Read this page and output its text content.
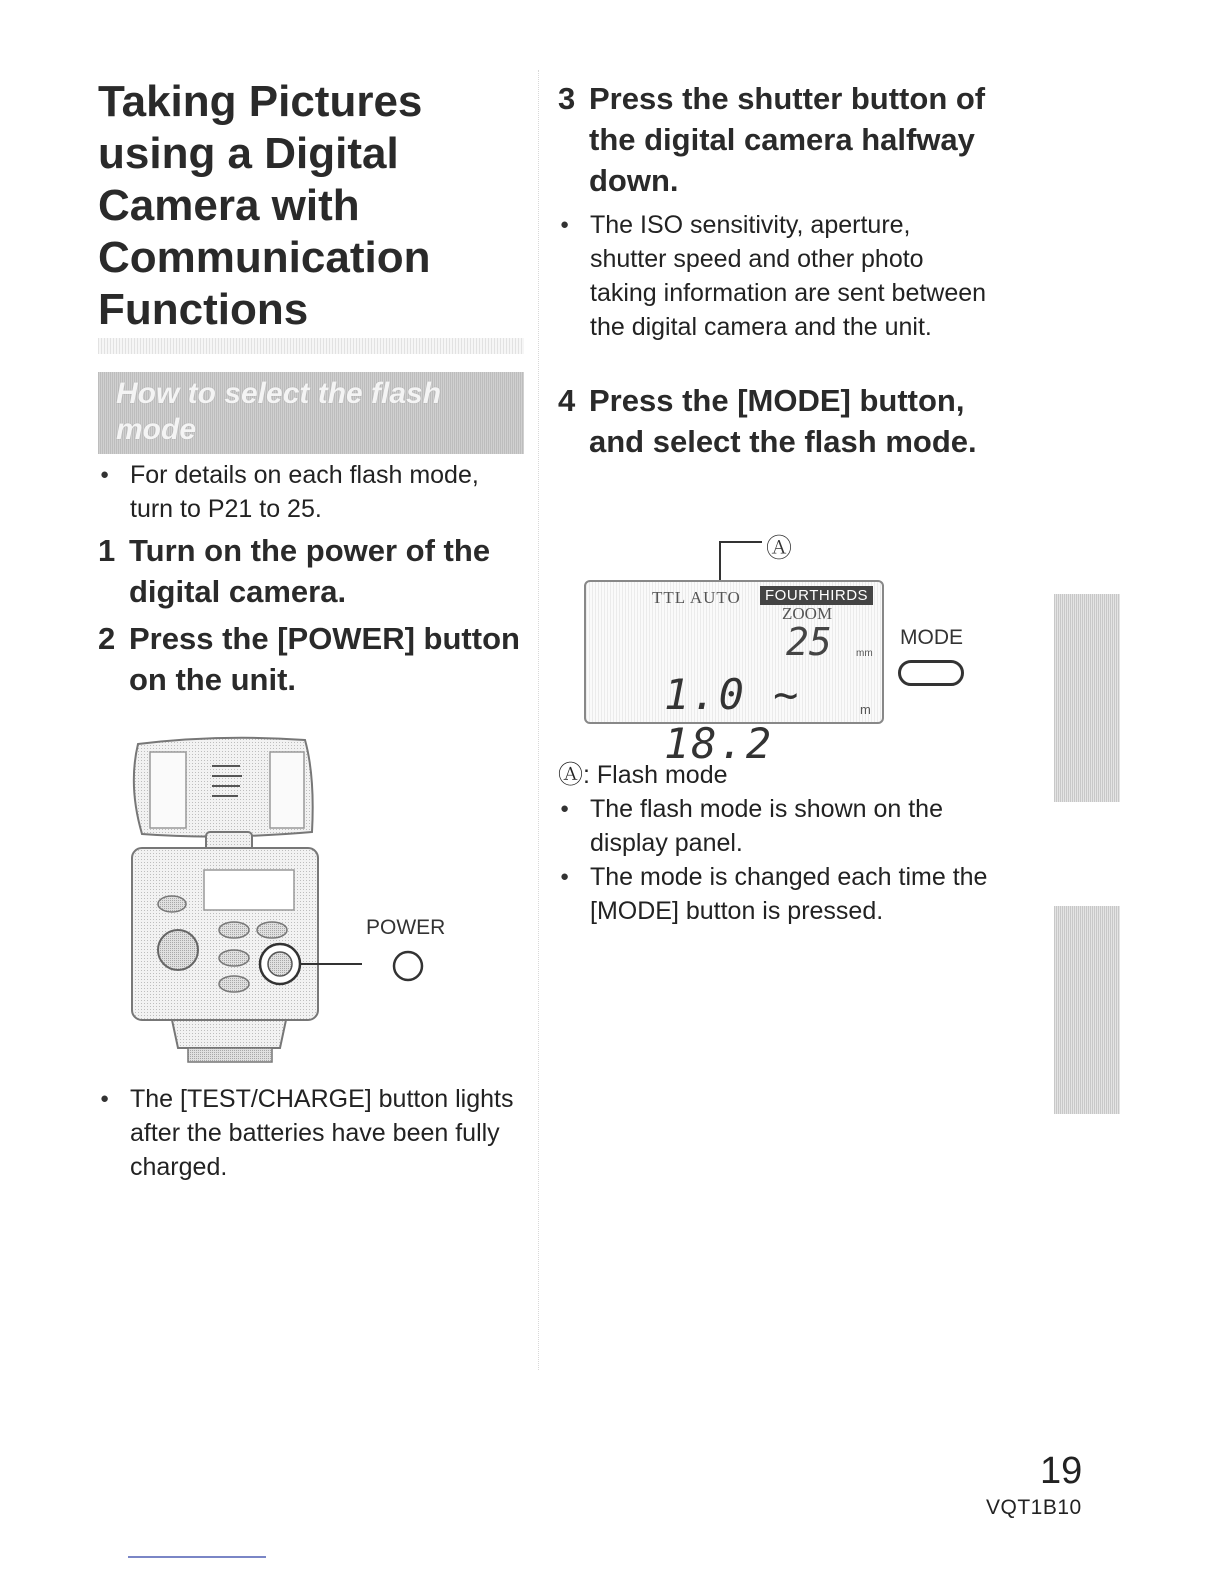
Taking Pictures using a Digital Camera with Communication Functions
How to select the flash mode
● For details on each flash mode, turn to P21 to 25.
1 Turn on the power of the digital camera.
2 Press the [POWER] button on the unit.
POWER
● The [TEST/CHARGE] button lights after the batteries have been fully charged.
3 Press the shutter button of the digital camera halfway down.
● The ISO sensitivity, aperture, shutter speed and other photo taking information are sent between the digital camera and the unit.
4 Press the [MODE] button, and select the flash mode.
Ⓐ
TTL AUTO	FOURTHIRDS
ZOOM
25 mm
1.0 ~ 18.2
m
MODE

Ⓐ: Flash mode

● The flash mode is shown on the display panel.
● The mode is changed each time the [MODE] button is pressed.
19
VQT1B10
